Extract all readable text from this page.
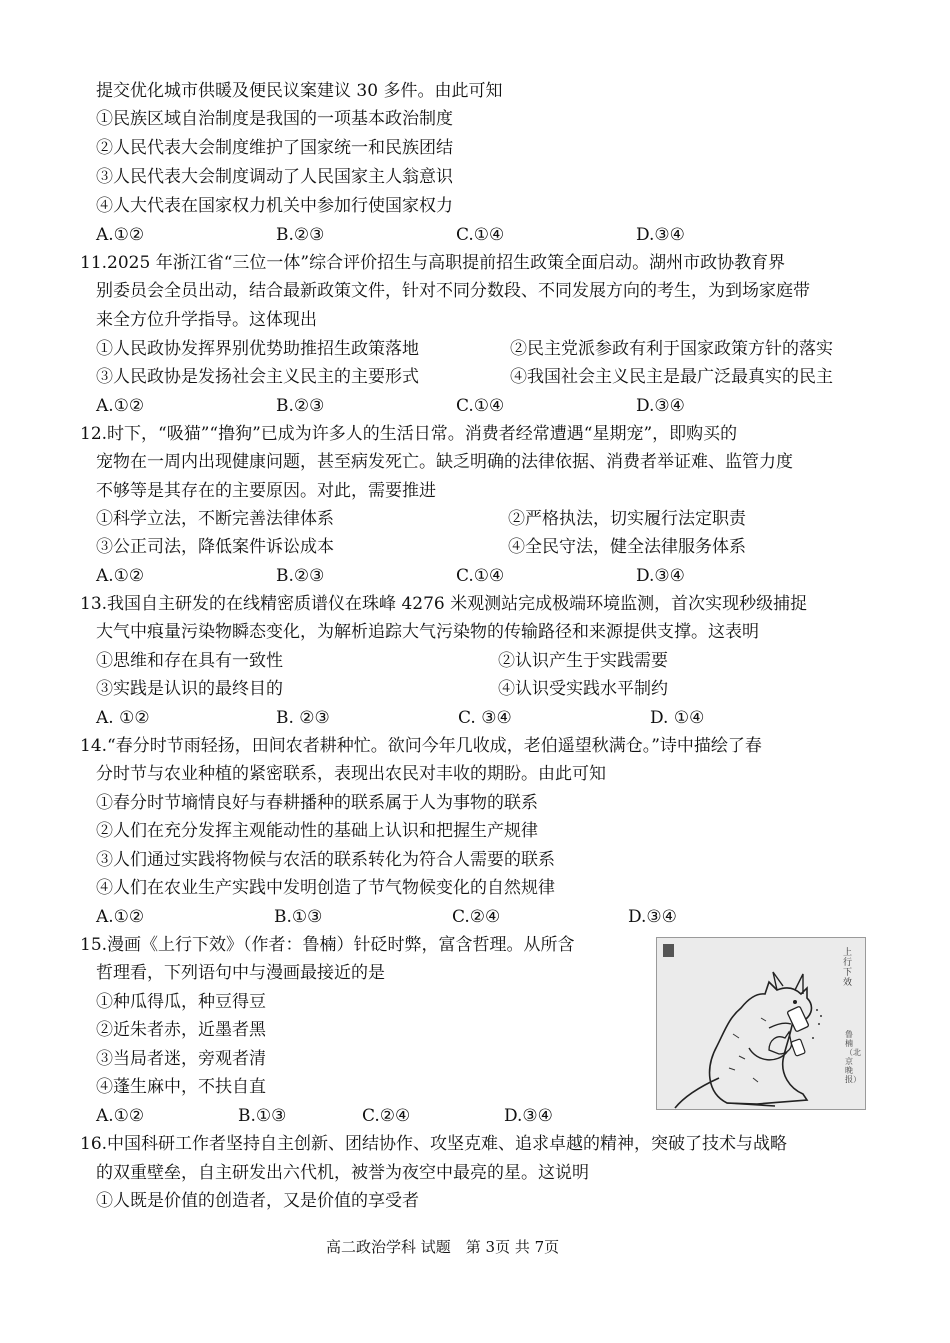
提交优化城市供暖及便民议案建议 30 多件。由此可知
①民族区域自治制度是我国的一项基本政治制度
②人民代表大会制度维护了国家统一和民族团结
③人民代表大会制度调动了人民国家主人翁意识
④人大代表在国家权力机关中参加行使国家权力
A.①②	B.②③	C.①④	D.③④
11.2025 年浙江省“三位一体”综合评价招生与高职提前招生政策全面启动。湖州市政协教育界
别委员会全员出动，结合最新政策文件，针对不同分数段、不同发展方向的考生，为到场家庭带
来全方位升学指导。这体现出
①人民政协发挥界别优势助推招生政策落地	②民主党派参政有利于国家政策方针的落实
③人民政协是发扬社会主义民主的主要形式	④我国社会主义民主是最广泛最真实的民主
A.①②	B.②③	C.①④	D.③④
12.时下，“吸猫”“撸狗”已成为许多人的生活日常。消费者经常遭遇“星期宠”，即购买的
宠物在一周内出现健康问题，甚至病发死亡。缺乏明确的法律依据、消费者举证难、监管力度
不够等是其存在的主要原因。对此，需要推进
①科学立法，不断完善法律体系	②严格执法，切实履行法定职责
③公正司法，降低案件诉讼成本	④全民守法，健全法律服务体系
A.①②	B.②③	C.①④	D.③④
13.我国自主研发的在线精密质谱仪在珠峰 4276 米观测站完成极端环境监测，首次实现秒级捕捉
大气中痕量污染物瞬态变化，为解析追踪大气污染物的传输路径和来源提供支撑。这表明
①思维和存在具有一致性	②认识产生于实践需要
③实践是认识的最终目的	④认识受实践水平制约
A. ①②	B. ②③	C. ③④	D. ①④
14.“春分时节雨轻扬，田间农者耕种忙。欲问今年几收成，老伯遥望秋满仓。”诗中描绘了春
分时节与农业种植的紧密联系，表现出农民对丰收的期盼。由此可知
①春分时节墒情良好与春耕播种的联系属于人为事物的联系
②人们在充分发挥主观能动性的基础上认识和把握生产规律
③人们通过实践将物候与农活的联系转化为符合人需要的联系
④人们在农业生产实践中发明创造了节气物候变化的自然规律
A.①②	B.①③	C.②④	D.③④
15.漫画《上行下效》（作者：鲁楠）针砭时弊，富含哲理。从所含
哲理看，下列语句中与漫画最接近的是
①种瓜得瓜，种豆得豆
②近朱者赤，近墨者黑
③当局者迷，旁观者清
④蓬生麻中，不扶自直
A.①②	B.①③	C.②④	D.③④
上行下效
鲁 楠（北京晚报）
16.中国科研工作者坚持自主创新、团结协作、攻坚克难、追求卓越的精神，突破了技术与战略
的双重壁垒，自主研发出六代机，被誉为夜空中最亮的星。这说明
①人既是价值的创造者，又是价值的享受者
高二政治学科 试题　第 3页 共 7页
